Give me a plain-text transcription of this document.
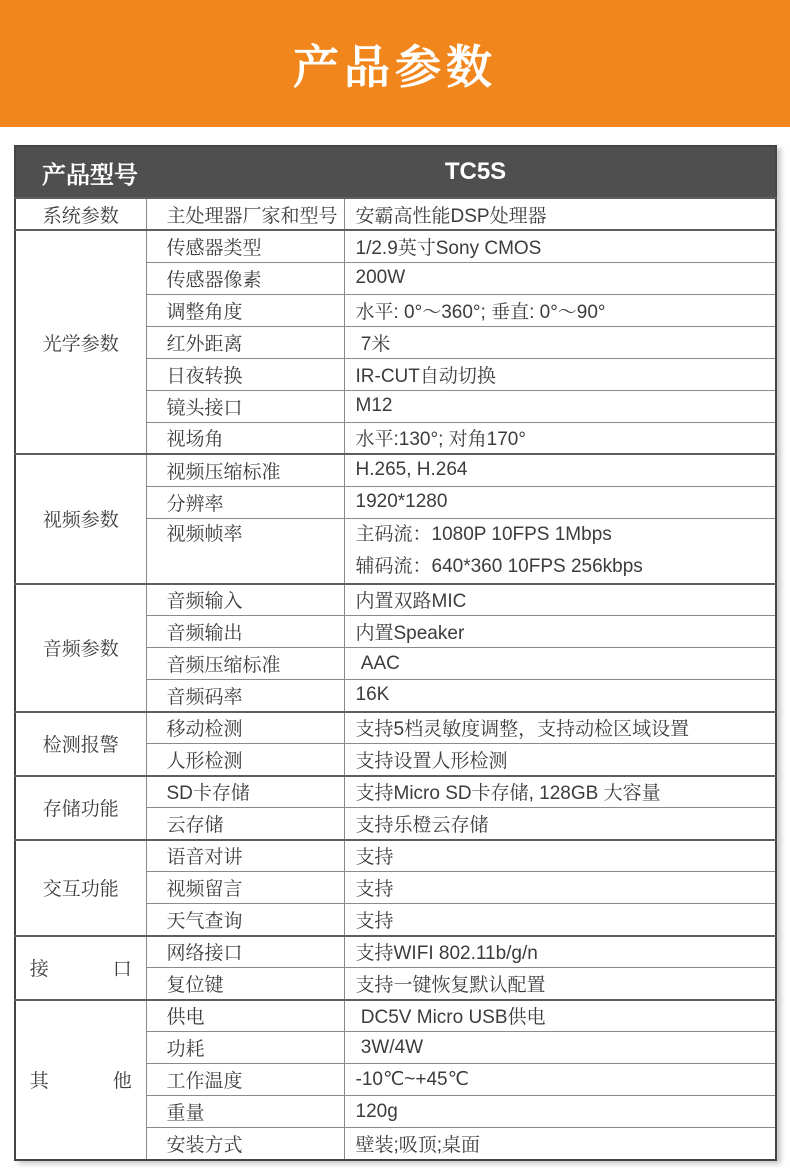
产品参数
产品型号	TC5S	
系统参数	主处理器厂家和型号	安霸高性能DSP处理器
光学参数	传感器类型	1/2.9英寸Sony CMOS
	传感器像素	200W
	调整角度	水平: 0°～360°; 垂直: 0°～90°
	红外距离	7米
	日夜转换	IR-CUT自动切换
	镜头接口	M12
	视场角	水平:130°; 对角170°
视频参数	视频压缩标准	H.265, H.264
	分辨率	1920*1280
	视频帧率	主码流：1080P 10FPS 1Mbps
辅码流：640*360 10FPS 256kbps

音频参数	音频输入	内置双路MIC
	音频输出	内置Speaker
	音频压缩标准	AAC
	音频码率	16K
检测报警	移动检测	支持5档灵敏度调整，支持动检区域设置
	人形检测	支持设置人形检测
存储功能	SD卡存储	支持Micro SD卡存储, 128GB 大容量
	云存储	支持乐橙云存储
交互功能	语音对讲	支持
	视频留言	支持
	天气查询	支持
接口	网络接口	支持WIFI 802.11b/g/n
	复位键	支持一键恢复默认配置
其他	供电	DC5V Micro USB供电
	功耗	3W/4W
	工作温度	-10℃~+45℃
	重量	120g
	安装方式	壁装;吸顶;桌面
